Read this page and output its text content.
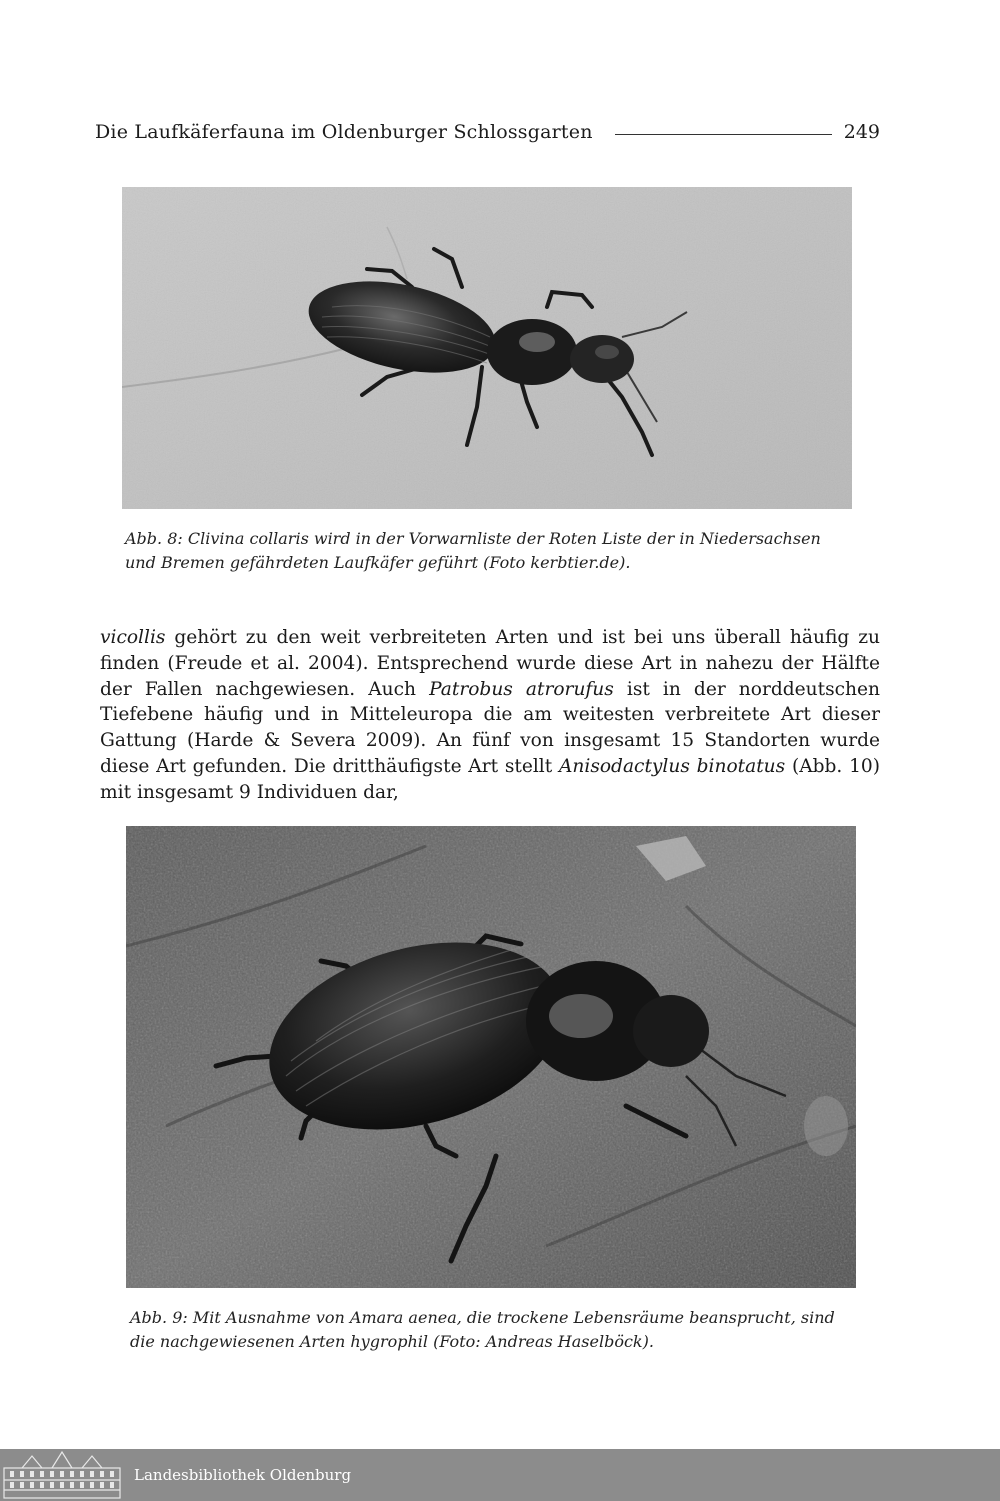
Die Laufkäferfauna im Oldenburger Schlossgarten	249
Abb. 8: Clivina collaris wird in der Vorwarnliste der Roten Liste der in Niedersachsen und Bremen gefährdeten Laufkäfer geführt (Foto kerbtier.de).

vicollis gehört zu den weit verbreiteten Arten und ist bei uns überall häufig zu finden (Freude et al. 2004). Entsprechend wurde diese Art in nahezu der Hälfte der Fallen nachgewiesen. Auch Patrobus atrorufus ist in der norddeutschen Tiefebene häufig und in Mitteleuropa die am weitesten verbreitete Art dieser Gattung (Harde & Severa 2009). An fünf von insgesamt 15 Standorten wurde diese Art gefunden. Die dritthäufigste Art stellt Anisodactylus binotatus (Abb. 10) mit insgesamt 9 Individuen dar,

Abb. 9: Mit Ausnahme von Amara aenea, die trockene Lebensräume beansprucht, sind die nachgewiesenen Arten hygrophil (Foto: Andreas Haselböck).
Landesbibliothek Oldenburg
